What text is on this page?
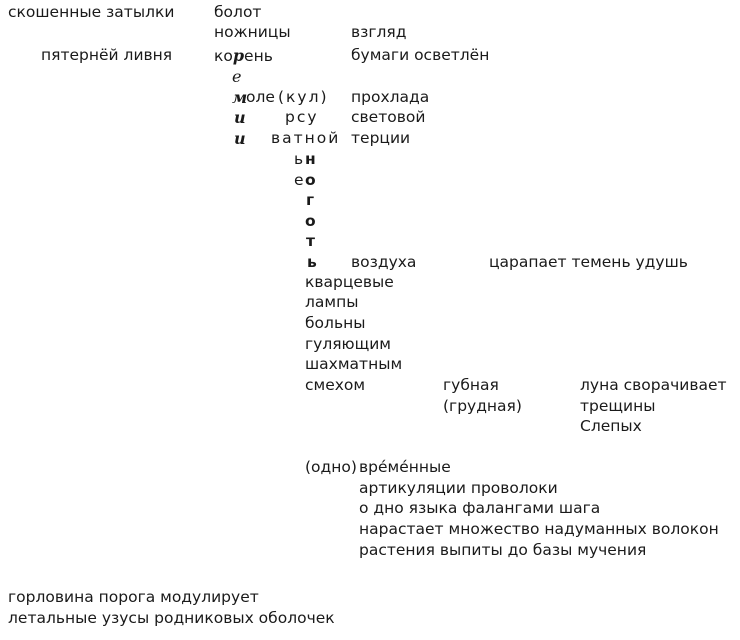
скошенные затылки	болот
ножницы	взгляд
пятернёй ливня	корень	бумаги осветлён
е
м
оле (кул) прохлада
и	рсу световой
и ватной терции
ь н
е о
г
о
т
ь воздуха	царапает темень удушь
кварцевые
лампы
больны
гуляющим
шахматным
смехом	губная
(грудная)
луна сворачивает
трещины
Слепых
(одно) вре́ме́нные
артикуляции проволоки
о дно языка фалангами шага
нарастает множество надуманных волокон
растения выпиты до базы мучения
горловина порога модулирует
летальные узусы родниковых оболочек
